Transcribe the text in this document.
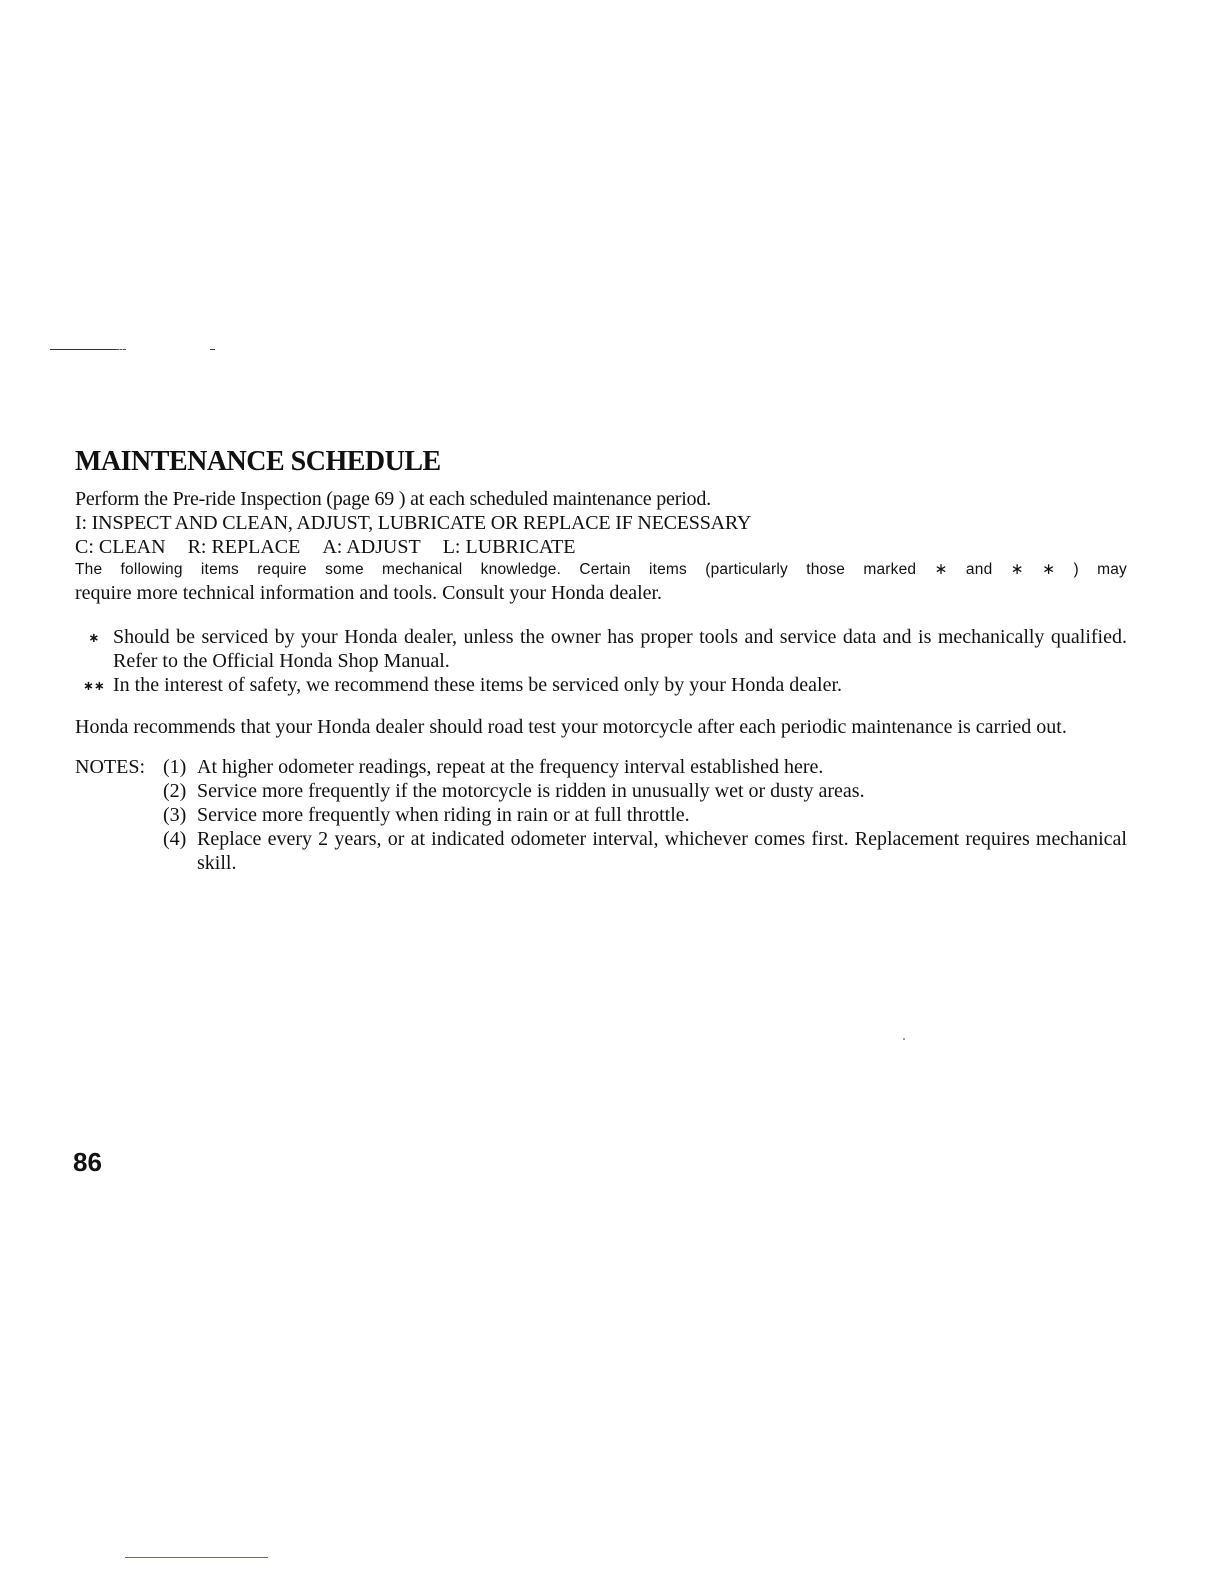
MAINTENANCE SCHEDULE
Perform the Pre-ride Inspection (page 69 ) at each scheduled maintenance period.
I: INSPECT AND CLEAN, ADJUST, LUBRICATE OR REPLACE IF NECESSARY
C: CLEAN R: REPLACE A: ADJUST L: LUBRICATE
The following items require some mechanical knowledge. Certain items (particularly those marked ∗ and ∗ ∗ ) may
require more technical information and tools. Consult your Honda dealer.
∗ Should be serviced by your Honda dealer, unless the owner has proper tools and service data and is mechanically qualified. Refer to the Official Honda Shop Manual.
∗∗ In the interest of safety, we recommend these items be serviced only by your Honda dealer.
Honda recommends that your Honda dealer should road test your motorcycle after each periodic maintenance is carried out.
NOTES: (1) At higher odometer readings, repeat at the frequency interval established here.
(2) Service more frequently if the motorcycle is ridden in unusually wet or dusty areas.
(3) Service more frequently when riding in rain or at full throttle.
(4) Replace every 2 years, or at indicated odometer interval, whichever comes first. Replacement requires mechanical skill.
86
